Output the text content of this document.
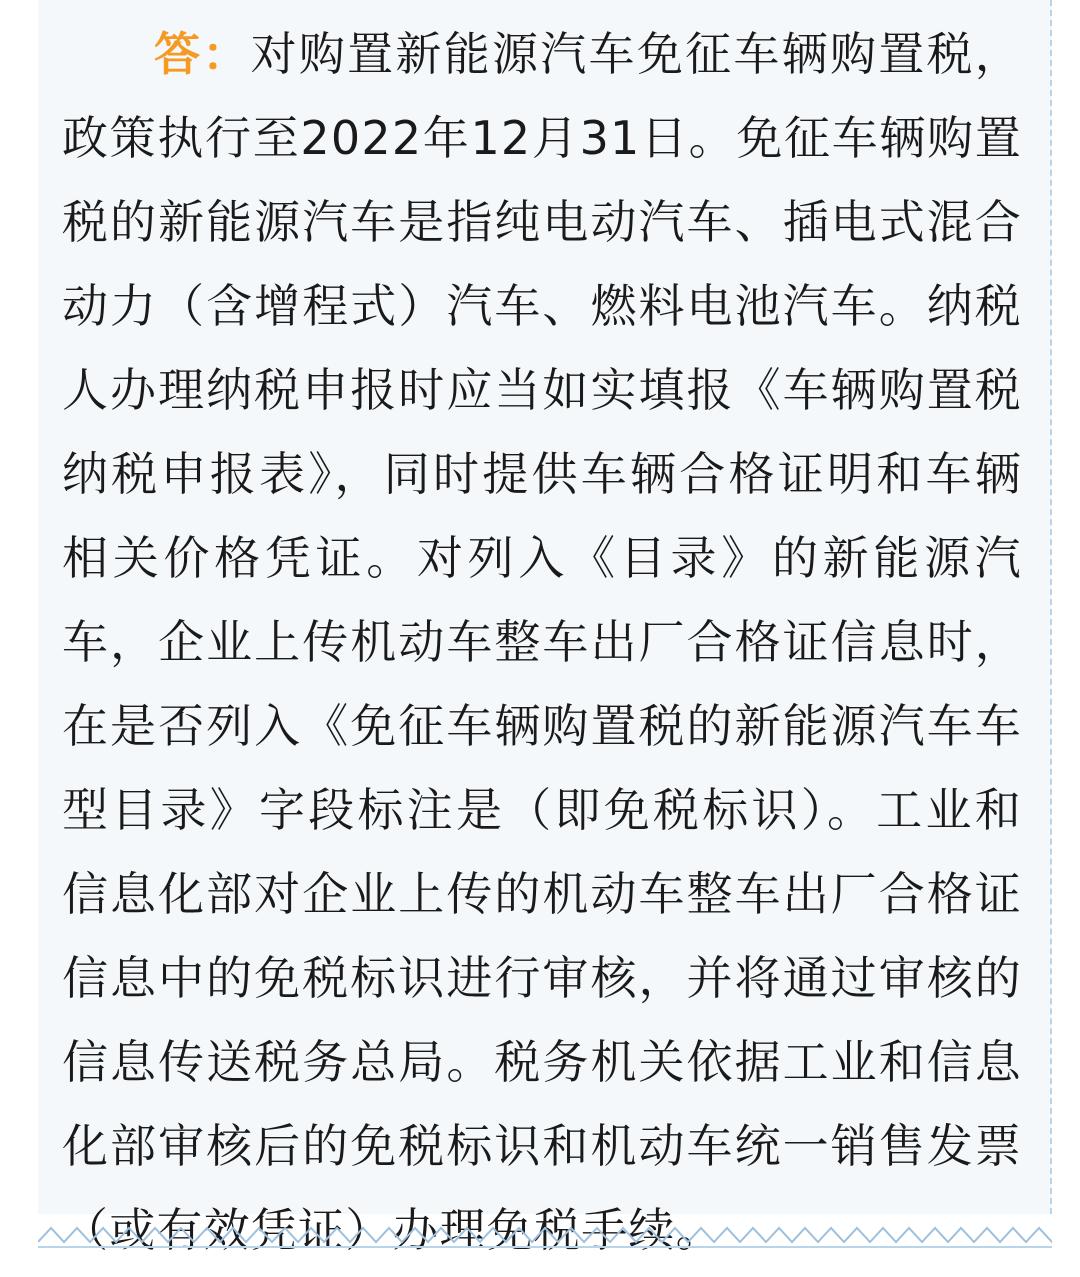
答：对购置新能源汽车免征车辆购置税，政策执行至2022年12月31日。免征车辆购置税的新能源汽车是指纯电动汽车、插电式混合动力（含增程式）汽车、燃料电池汽车。纳税人办理纳税申报时应当如实填报《车辆购置税纳税申报表》，同时提供车辆合格证明和车辆相关价格凭证。对列入《目录》的新能源汽车，企业上传机动车整车出厂合格证信息时，在是否列入《免征车辆购置税的新能源汽车车型目录》字段标注是（即免税标识）。工业和信息化部对企业上传的机动车整车出厂合格证信息中的免税标识进行审核，并将通过审核的信息传送税务总局。税务机关依据工业和信息化部审核后的免税标识和机动车统一销售发票（或有效凭证）办理免税手续。
